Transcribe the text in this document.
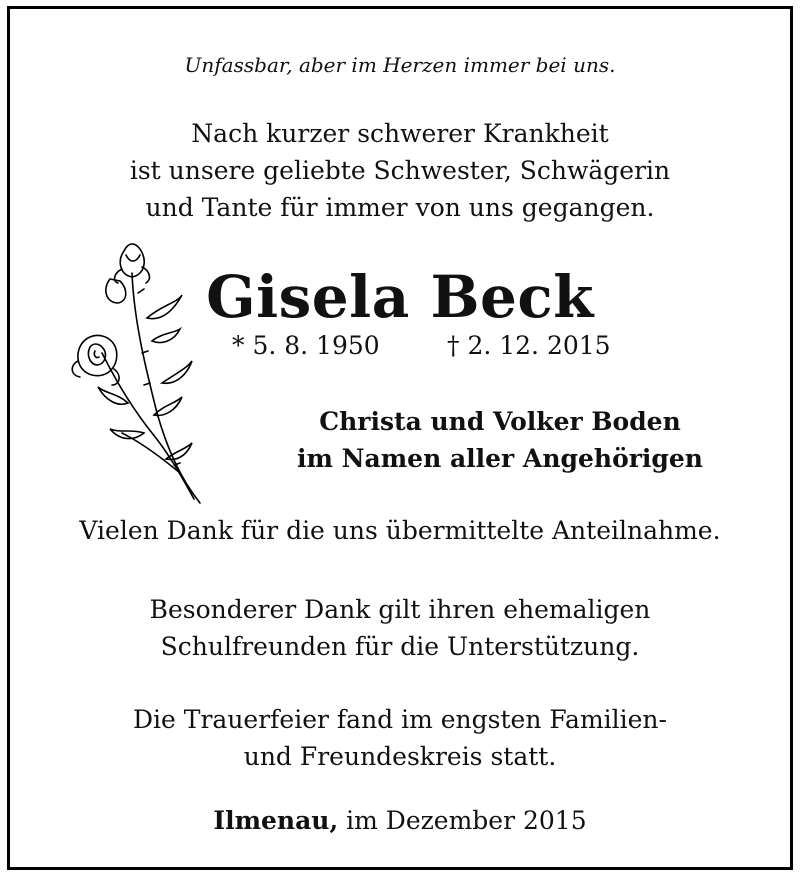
Unfassbar, aber im Herzen immer bei uns.
Nach kurzer schwerer Krankheit
ist unsere geliebte Schwester, Schwägerin
und Tante für immer von uns gegangen.
Gisela Beck
* 5. 8. 1950	† 2. 12. 2015
Christa und Volker Boden
im Namen aller Angehörigen
Vielen Dank für die uns übermittelte Anteilnahme.
Besonderer Dank gilt ihren ehemaligen
Schulfreunden für die Unterstützung.
Die Trauerfeier fand im engsten Familien-
und Freundeskreis statt.
Ilmenau, im Dezember 2015
